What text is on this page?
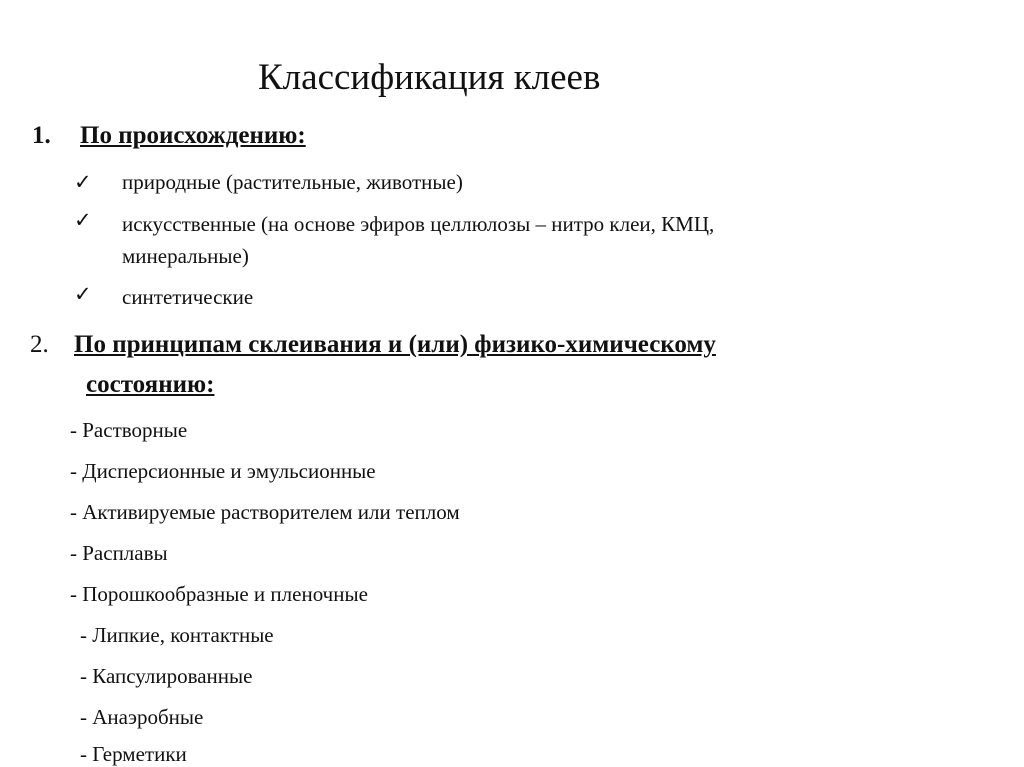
Классификация клеев
1. По происхождению:
✓ природные (растительные, животные)
✓ искусственные (на основе эфиров целлюлозы – нитро клеи, КМЦ,
минеральные)
✓ синтетические
2. По принципам склеивания и (или) физико-химическому
состоянию:
- Растворные
- Дисперсионные и эмульсионные
- Активируемые растворителем или теплом
- Расплавы
- Порошкообразные и пленочные
- Липкие, контактные
- Капсулированные
- Анаэробные
- Герметики
